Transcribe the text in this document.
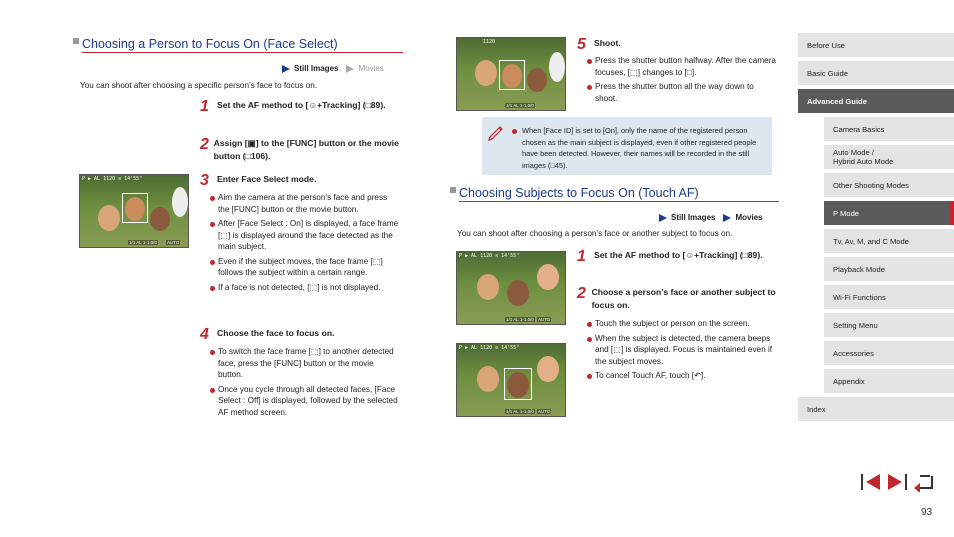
Choosing a Person to Focus On (Face Select)
Still Images	Movies
You can shoot after choosing a specific person’s face to focus on.
1 Set the AF method to [☺+Tracking] (□89).
2 Assign [▣] to the [FUNC] button or the movie button (□106).
P ▶ AL 1120 ≡ 14'55"
1/1 AL 1-1.0/0 AUTO
3 Enter Face Select mode.
Aim the camera at the person’s face and press the [FUNC] button or the movie button.
After [Face Select : On] is displayed, a face frame [⬚] is displayed around the face detected as the main subject.
Even if the subject moves, the face frame [⬚] follows the subject within a certain range.
If a face is not detected, [⬚] is not displayed.
4 Choose the face to focus on.
To switch the face frame [⬚] to another detected face, press the [FUNC] button or the movie button.
Once you cycle through all detected faces, [Face Select : Off] is displayed, followed by the selected AF method screen.
1120
1/1 AL 1-1.0/0
5 Shoot.
Press the shutter button halfway. After the camera focuses, [⬚] changes to [□].
Press the shutter button all the way down to shoot.
When [Face ID] is set to [On], only the name of the registered person chosen as the main subject is displayed, even if other registered people have been detected. However, their names will be recorded in the still images (□45).
Choosing Subjects to Focus On (Touch AF)
Still Images	Movies
You can shoot after choosing a person’s face or another subject to focus on.
P ▶ AL 1120 ≡ 14'55"
1/1 AL 1-1.0/0 AUTO
P ▶ AL 1120 ≡ 14'55"
1/1 AL 1-1.0/0 AUTO
1 Set the AF method to [☺+Tracking] (□89).
2 Choose a person’s face or another subject to focus on.
Touch the subject or person on the screen.
When the subject is detected, the camera beeps and [⬚] is displayed. Focus is maintained even if the subject moves.
To cancel Touch AF, touch [↶].
Before Use
Basic Guide
Advanced Guide
Camera Basics
Auto Mode /
Hybrid Auto Mode
Other Shooting Modes
P Mode
Tv, Av, M, and C Mode
Playback Mode
Wi-Fi Functions
Setting Menu
Accessories
Appendix
Index
93
